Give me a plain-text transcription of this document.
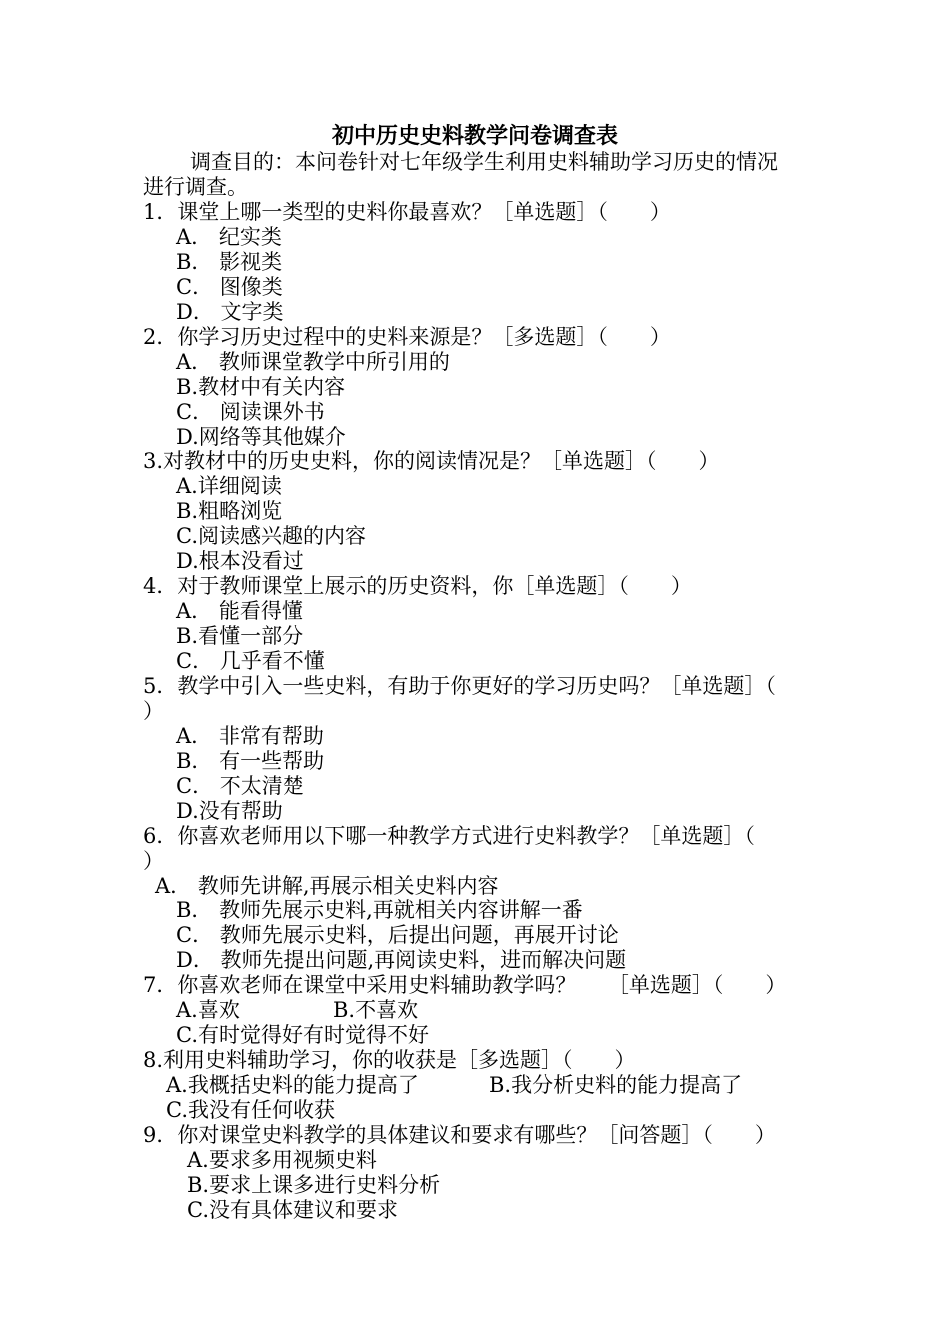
初中历史史料教学问卷调查表
调查目的：本问卷针对七年级学生利用史料辅助学习历史的情况
进行调查。
1．课堂上哪一类型的史料你最喜欢？［单选题］（　　）
A． 纪实类
B． 影视类
C． 图像类
D． 文字类
2．你学习历史过程中的史料来源是？［多选题］（　　）
A． 教师课堂教学中所引用的
B.教材中有关内容
C． 阅读课外书
D.网络等其他媒介
3.对教材中的历史史料，你的阅读情况是？［单选题］（　　）
A.详细阅读
B.粗略浏览
C.阅读感兴趣的内容
D.根本没看过
4．对于教师课堂上展示的历史资料，你［单选题］（　　）
A． 能看得懂
B.看懂一部分
C． 几乎看不懂
5．教学中引入一些史料，有助于你更好的学习历史吗？［单选题］（
）
A． 非常有帮助
B． 有一些帮助
C． 不太清楚
D.没有帮助
6．你喜欢老师用以下哪一种教学方式进行史料教学？［单选题］（
）
A． 教师先讲解,再展示相关史料内容
B． 教师先展示史料,再就相关内容讲解一番
C． 教师先展示史料，后提出问题，再展开讨论
D． 教师先提出问题,再阅读史料，进而解决问题
7．你喜欢老师在课堂中采用史料辅助教学吗？　　［单选题］（　　）
A.喜欢	B.不喜欢
C.有时觉得好有时觉得不好
8.利用史料辅助学习，你的收获是［多选题］（　　）
A.我概括史料的能力提高了	B.我分析史料的能力提高了
C.我没有任何收获
9．你对课堂史料教学的具体建议和要求有哪些？［问答题］（　　）
A.要求多用视频史料
B.要求上课多进行史料分析
C.没有具体建议和要求
